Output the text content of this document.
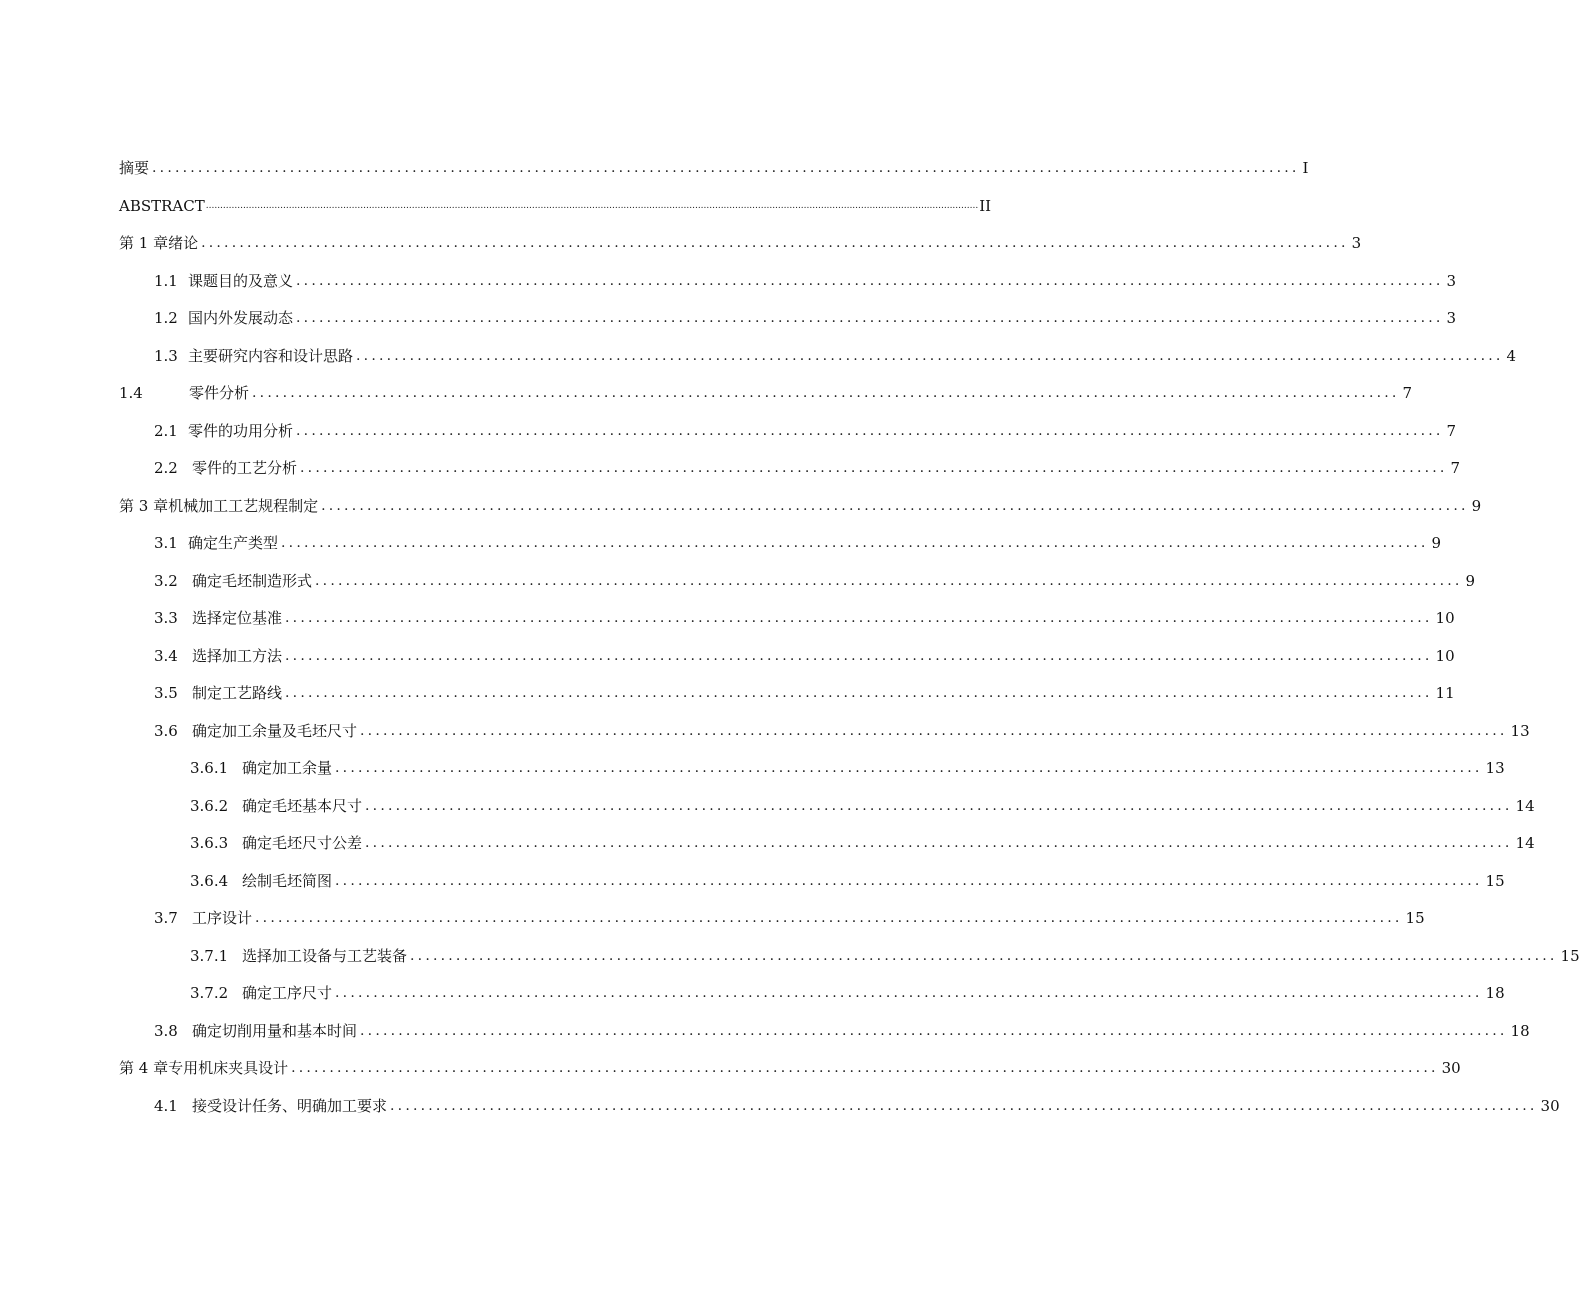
摘要 ...................................................................................................................................................... I
ABSTRACT .............................................................................................................................................................................................................................................................................. II
第 1 章绪论 ...................................................................................................................................................... 3
1.1 课题目的及意义 ...................................................................................................................................................... 3
1.2 国内外发展动态 ...................................................................................................................................................... 3
1.3 主要研究内容和设计思路 ...................................................................................................................................................... 4
1.4	零件分析 ...................................................................................................................................................... 7
2.1 零件的功用分析 ...................................................................................................................................................... 7
2.2 零件的工艺分析 ...................................................................................................................................................... 7
第 3 章机械加工工艺规程制定 ...................................................................................................................................................... 9
3.1 确定生产类型 ...................................................................................................................................................... 9
3.2 确定毛坯制造形式 ...................................................................................................................................................... 9
3.3 选择定位基准 ...................................................................................................................................................... 10
3.4 选择加工方法 ...................................................................................................................................................... 10
3.5 制定工艺路线 ...................................................................................................................................................... 11
3.6 确定加工余量及毛坯尺寸 ...................................................................................................................................................... 13
3.6.1 确定加工余量 ...................................................................................................................................................... 13
3.6.2 确定毛坯基本尺寸 ...................................................................................................................................................... 14
3.6.3 确定毛坯尺寸公差 ...................................................................................................................................................... 14
3.6.4 绘制毛坯简图 ...................................................................................................................................................... 15
3.7 工序设计 ...................................................................................................................................................... 15
3.7.1 选择加工设备与工艺装备 ...................................................................................................................................................... 15
3.7.2 确定工序尺寸 ...................................................................................................................................................... 18
3.8 确定切削用量和基本时间 ...................................................................................................................................................... 18
第 4 章专用机床夹具设计 ...................................................................................................................................................... 30
4.1 接受设计任务、明确加工要求 ...................................................................................................................................................... 30
